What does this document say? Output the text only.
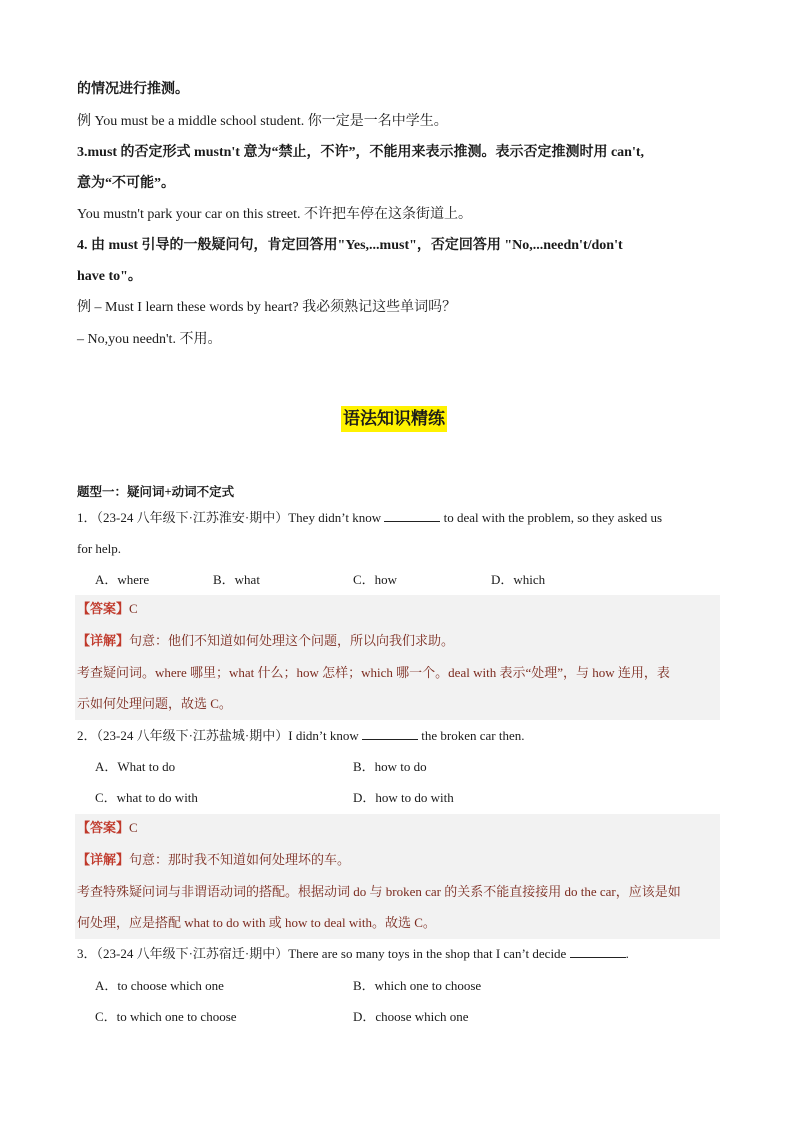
的情况进行推测。
例 You must be a middle school student. 你一定是一名中学生。
3.must 的否定形式 mustn't 意为“禁止，不许”，不能用来表示推测。表示否定推测时用 can't,
意为“不可能”。
You mustn't park your car on this street. 不许把车停在这条街道上。
4. 由 must 引导的一般疑问句，肯定回答用"Yes,...must"，否定回答用 "No,...needn't/don't
have to"。
例 – Must I learn these words by heart? 我必须熟记这些单词吗？
– No,you needn't. 不用。
语法知识精练
题型一：疑问词+动词不定式
1．（23-24 八年级下·江苏淮安·期中）They didn’t know	to deal with the problem, so they asked us
for help.
A．where	B．what	C．how	D．which
【答案】C
【详解】句意：他们不知道如何处理这个问题，所以向我们求助。
考查疑问词。where 哪里；what 什么；how 怎样；which 哪一个。deal with 表示“处理”，与 how 连用，表
示如何处理问题，故选 C。
2．（23-24 八年级下·江苏盐城·期中）I didn’t know	the broken car then.
A．What to do	B．how to do
C．what to do with	D．how to do with
【答案】C
【详解】句意：那时我不知道如何处理坏的车。
考查特殊疑问词与非谓语动词的搭配。根据动词 do 与 broken car 的关系不能直接接用 do the car，应该是如
何处理，应是搭配 what to do with 或 how to deal with。故选 C。
3．（23-24 八年级下·江苏宿迁·期中）There are so many toys in the shop that I can’t decide	.
A．to choose which one	B．which one to choose
C．to which one to choose	D．choose which one
